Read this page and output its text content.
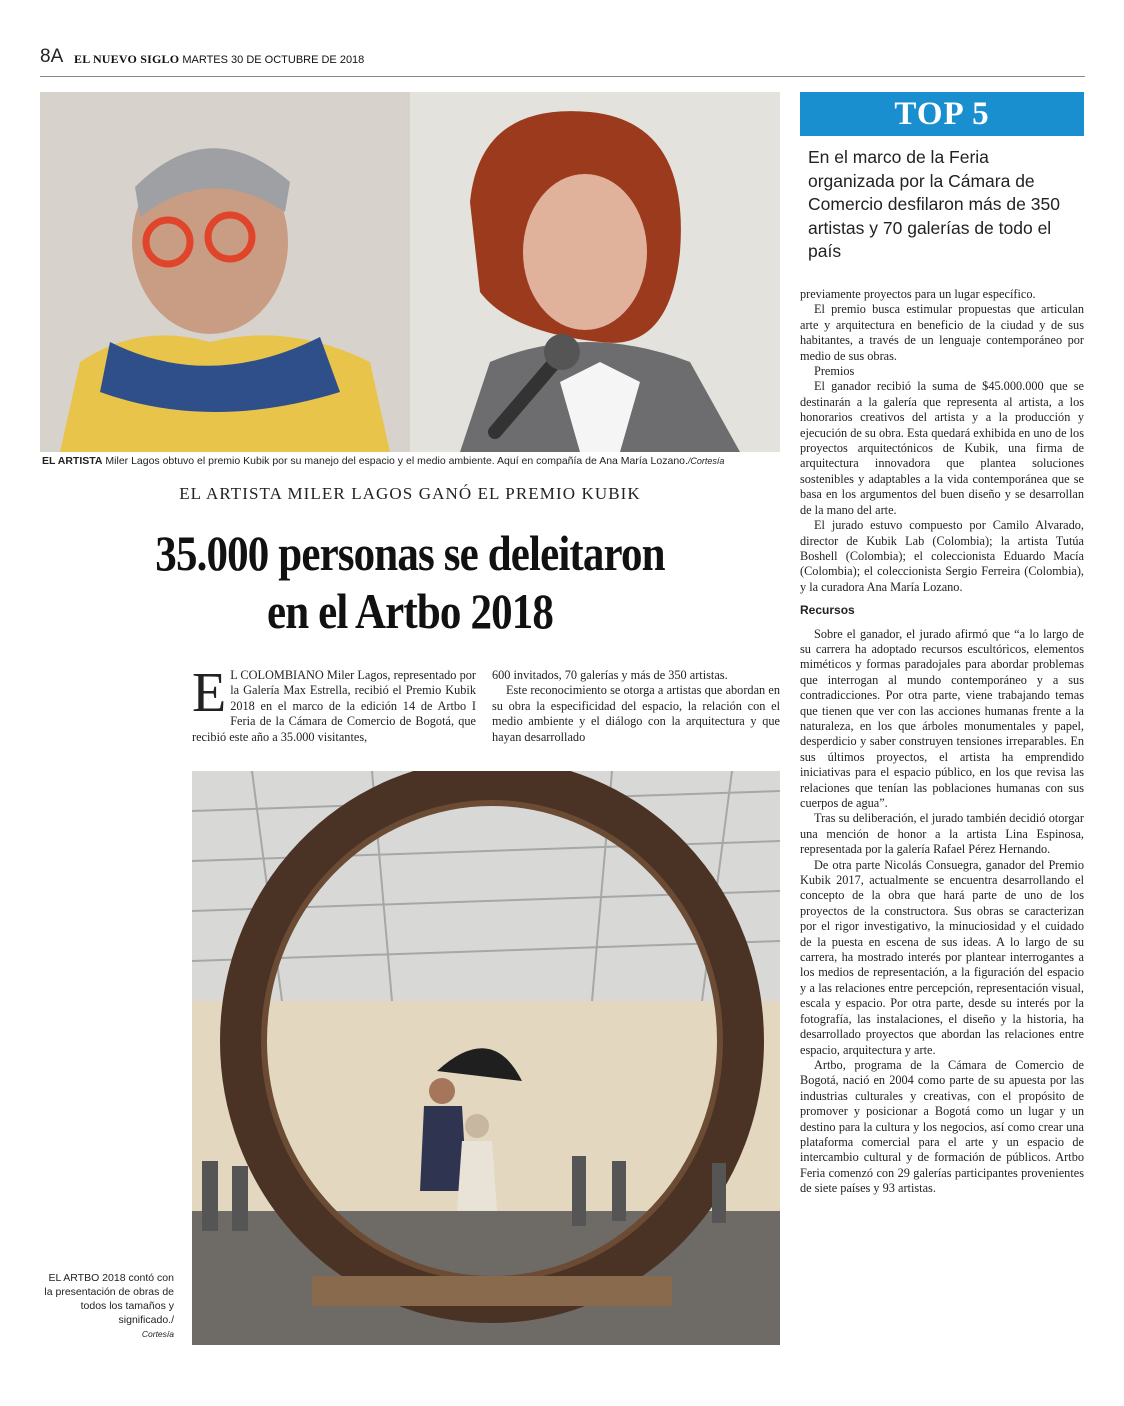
8A EL NUEVO SIGLO MARTES 30 DE OCTUBRE DE 2018
EL ARTISTA Miler Lagos obtuvo el premio Kubik por su manejo del espacio y el medio ambiente. Aquí en compañía de Ana María Lozano./Cortesía
EL ARTISTA MILER LAGOS GANÓ EL PREMIO KUBIK
35.000 personas se deleitaron
en el Artbo 2018

E L COLOMBIANO Miler Lagos, representado por la Galería Max Estrella, recibió el Premio Kubik 2018 en el marco de la edición 14 de Artbo I Feria de la Cámara de Comercio de Bogotá, que recibió este año a 35.000 visitantes,

600 invitados, 70 galerías y más de 350 artistas.

Este reconocimiento se otorga a artistas que abordan en su obra la especificidad del espacio, la relación con el medio ambiente y el diálogo con la arquitectura y que hayan desarrollado

EL ARTBO 2018 contó con la presentación de obras de todos los tamaños y significado./
Cortesía
TOP 5
En el marco de la Feria organizada por la Cámara de Comercio desfilaron más de 350 artistas y 70 galerías de todo el país

previamente proyectos para un lugar específico.

El premio busca estimular propuestas que articulan arte y arquitectura en beneficio de la ciudad y de sus habitantes, a través de un lenguaje contemporáneo por medio de sus obras.

Premios

El ganador recibió la suma de $45.000.000 que se destinarán a la galería que representa al artista, a los honorarios creativos del artista y a la producción y ejecución de su obra. Esta quedará exhibida en uno de los proyectos arquitectónicos de Kubik, una firma de arquitectura innovadora que plantea soluciones sostenibles y adaptables a la vida contemporánea que se basa en los argumentos del buen diseño y se desarrollan de la mano del arte.

El jurado estuvo compuesto por Camilo Alvarado, director de Kubik Lab (Colombia); la artista Tutúa Boshell (Colombia); el coleccionista Eduardo Macía (Colombia); el coleccionista Sergio Ferreira (Colombia), y la curadora Ana María Lozano.

Recursos

Sobre el ganador, el jurado afirmó que “a lo largo de su carrera ha adoptado recursos escultóricos, elementos miméticos y formas paradojales para abordar problemas que interrogan al mundo contemporáneo y a sus contradicciones. Por otra parte, viene trabajando temas que tienen que ver con las acciones humanas frente a la naturaleza, en los que árboles monumentales y papel, desperdicio y saber construyen tensiones irreparables. En sus últimos proyectos, el artista ha emprendido iniciativas para el espacio público, en los que revisa las relaciones que tenían las poblaciones humanas con sus cuerpos de agua”.

Tras su deliberación, el jurado también decidió otorgar una mención de honor a la artista Lina Espinosa, representada por la galería Rafael Pérez Hernando.

De otra parte Nicolás Consuegra, ganador del Premio Kubik 2017, actualmente se encuentra desarrollando el concepto de la obra que hará parte de uno de los proyectos de la constructora. Sus obras se caracterizan por el rigor investigativo, la minuciosidad y el cuidado de la puesta en escena de sus ideas. A lo largo de su carrera, ha mostrado interés por plantear interrogantes a los medios de representación, a la figuración del espacio y a las relaciones entre percepción, representación visual, escala y espacio. Por otra parte, desde su interés por la fotografía, las instalaciones, el diseño y la historia, ha desarrollado proyectos que abordan las relaciones entre espacio, arquitectura y arte.

Artbo, programa de la Cámara de Comercio de Bogotá, nació en 2004 como parte de su apuesta por las industrias culturales y creativas, con el propósito de promover y posicionar a Bogotá como un lugar y un destino para la cultura y los negocios, así como crear una plataforma comercial para el arte y un espacio de intercambio cultural y de formación de públicos. Artbo Feria comenzó con 29 galerías participantes provenientes de siete países y 93 artistas.
